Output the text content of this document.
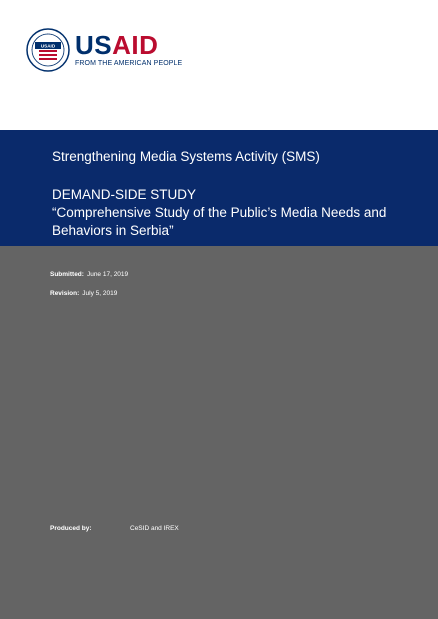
USAID USAID
FROM THE AMERICAN PEOPLE
Strengthening Media Systems Activity (SMS)
DEMAND-SIDE STUDY
“Comprehensive Study of the Public’s Media Needs and Behaviors in Serbia”
Submitted: June 17, 2019
Revision: July 5, 2019
Produced by:	CeSID and IREX
